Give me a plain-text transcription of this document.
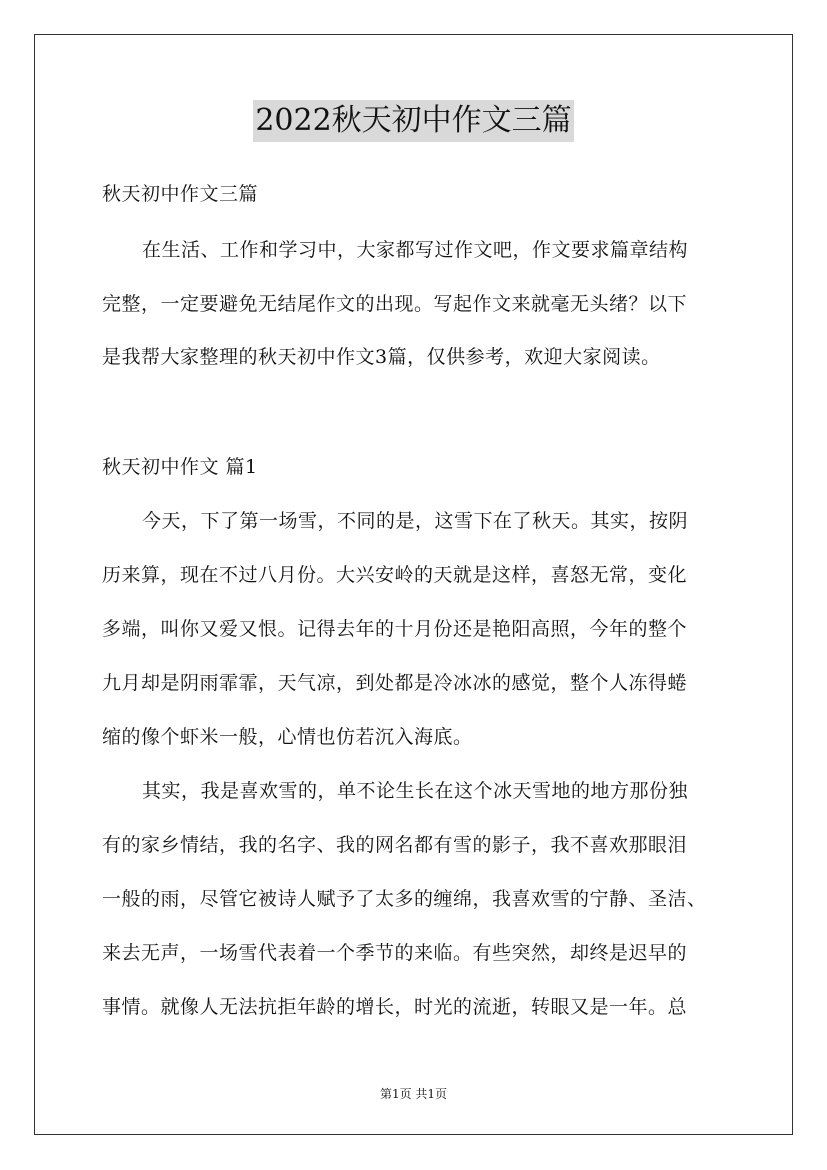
2022秋天初中作文三篇
秋天初中作文三篇
在生活、工作和学习中，大家都写过作文吧，作文要求篇章结构
完整，一定要避免无结尾作文的出现。写起作文来就毫无头绪？以下
是我帮大家整理的秋天初中作文3篇，仅供参考，欢迎大家阅读。
秋天初中作文 篇1
今天，下了第一场雪，不同的是，这雪下在了秋天。其实，按阴
历来算，现在不过八月份。大兴安岭的天就是这样，喜怒无常，变化
多端，叫你又爱又恨。记得去年的十月份还是艳阳高照，今年的整个
九月却是阴雨霏霏，天气凉，到处都是冷冰冰的感觉，整个人冻得蜷
缩的像个虾米一般，心情也仿若沉入海底。
其实，我是喜欢雪的，单不论生长在这个冰天雪地的地方那份独
有的家乡情结，我的名字、我的网名都有雪的影子，我不喜欢那眼泪
一般的雨，尽管它被诗人赋予了太多的缠绵，我喜欢雪的宁静、圣洁、
来去无声，一场雪代表着一个季节的来临。有些突然，却终是迟早的
事情。就像人无法抗拒年龄的增长，时光的流逝，转眼又是一年。总
第1页 共1页
